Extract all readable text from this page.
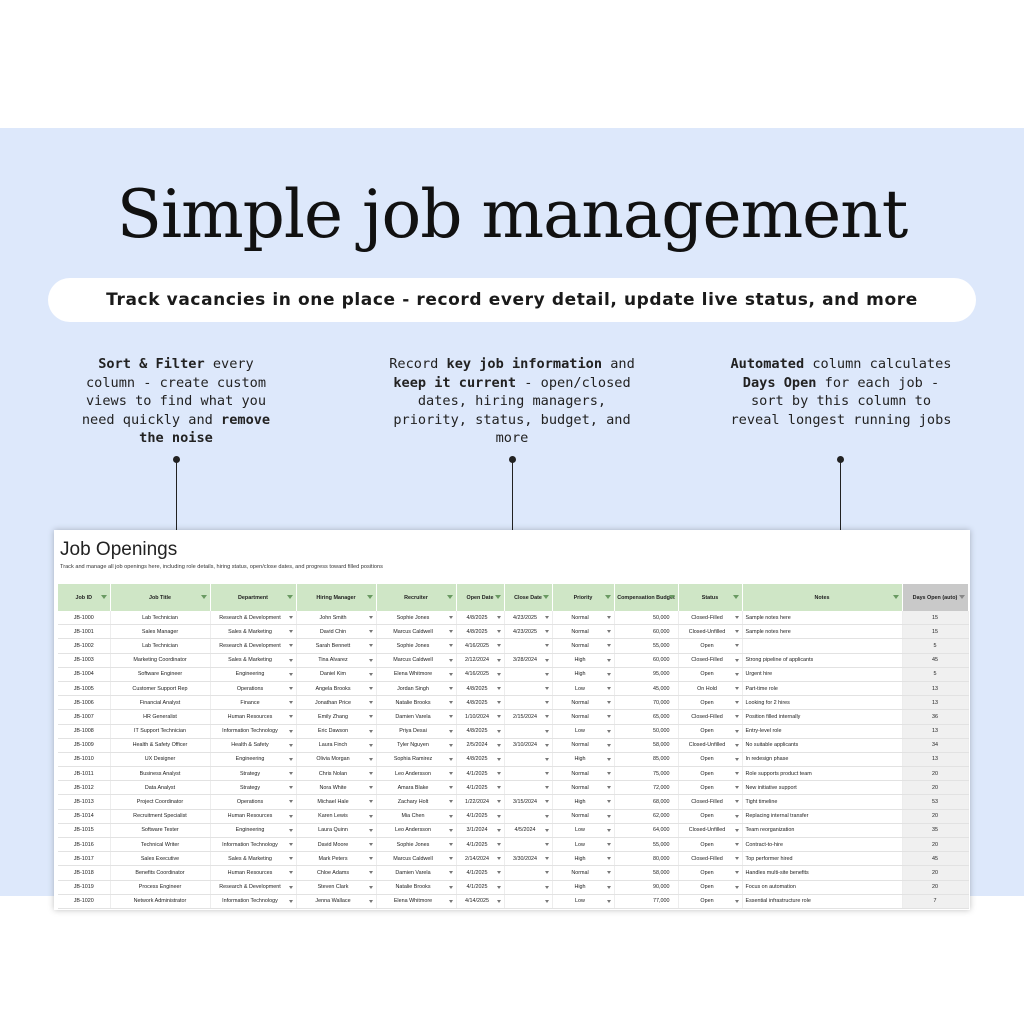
Simple job management
Track vacancies in one place - record every detail, update live status, and more
Sort & Filter every column - create custom views to find what you need quickly and remove the noise
Record key job information and keep it current - open/closed dates, hiring managers, priority, status, budget, and more
Automated column calculates Days Open for each job - sort by this column to reveal longest running jobs
Job Openings
Track and manage all job openings here, including role details, hiring status, open/close dates, and progress toward filled positions
Job ID	Job Title	Department	Hiring Manager	Recruiter	Open Date	Close Date	Priority	Compensation Budget	Status	Notes	Days Open (auto)

JB-1000	Lab Technician	Research & Development	John Smith	Sophie Jones	4/8/2025	4/23/2025	Normal	50,000	Closed-Filled	Sample notes here	15
JB-1001	Sales Manager	Sales & Marketing	David Chin	Marcus Caldwell	4/8/2025	4/23/2025	Normal	60,000	Closed-Unfilled	Sample notes here	15
JB-1002	Lab Technician	Research & Development	Sarah Bennett	Sophie Jones	4/16/2025		Normal	55,000	Open		5
JB-1003	Marketing Coordinator	Sales & Marketing	Tina Alvarez	Marcus Caldwell	2/12/2024	3/28/2024	High	60,000	Closed-Filled	Strong pipeline of applicants	45
JB-1004	Software Engineer	Engineering	Daniel Kim	Elena Whitmore	4/16/2025		High	95,000	Open	Urgent hire	5
JB-1005	Customer Support Rep	Operations	Angela Brooks	Jordan Singh	4/8/2025		Low	45,000	On Hold	Part-time role	13
JB-1006	Financial Analyst	Finance	Jonathan Price	Natalie Brooks	4/8/2025		Normal	70,000	Open	Looking for 2 hires	13
JB-1007	HR Generalist	Human Resources	Emily Zhang	Damien Varela	1/10/2024	2/15/2024	Normal	65,000	Closed-Filled	Position filled internally	36
JB-1008	IT Support Technician	Information Technology	Eric Dawson	Priya Desai	4/8/2025		Low	50,000	Open	Entry-level role	13
JB-1009	Health & Safety Officer	Health & Safety	Laura Finch	Tyler Nguyen	2/5/2024	3/10/2024	Normal	58,000	Closed-Unfilled	No suitable applicants	34
JB-1010	UX Designer	Engineering	Olivia Morgan	Sophia Ramirez	4/8/2025		High	85,000	Open	In redesign phase	13
JB-1011	Business Analyst	Strategy	Chris Nolan	Leo Andersson	4/1/2025		Normal	75,000	Open	Role supports product team	20
JB-1012	Data Analyst	Strategy	Nora White	Amara Blake	4/1/2025		Normal	72,000	Open	New initiative support	20
JB-1013	Project Coordinator	Operations	Michael Hale	Zachary Holt	1/22/2024	3/15/2024	High	68,000	Closed-Filled	Tight timeline	53
JB-1014	Recruitment Specialist	Human Resources	Karen Lewis	Mia Chen	4/1/2025		Normal	62,000	Open	Replacing internal transfer	20
JB-1015	Software Tester	Engineering	Laura Quinn	Leo Andersson	3/1/2024	4/5/2024	Low	64,000	Closed-Unfilled	Team reorganization	35
JB-1016	Technical Writer	Information Technology	David Moore	Sophie Jones	4/1/2025		Low	55,000	Open	Contract-to-hire	20
JB-1017	Sales Executive	Sales & Marketing	Mark Peters	Marcus Caldwell	2/14/2024	3/30/2024	High	80,000	Closed-Filled	Top performer hired	45
JB-1018	Benefits Coordinator	Human Resources	Chloe Adams	Damien Varela	4/1/2025		Normal	58,000	Open	Handles multi-site benefits	20
JB-1019	Process Engineer	Research & Development	Steven Clark	Natalie Brooks	4/1/2025		High	90,000	Open	Focus on automation	20
JB-1020	Network Administrator	Information Technology	Jenna Wallace	Elena Whitmore	4/14/2025		Low	77,000	Open	Essential infrastructure role	7
